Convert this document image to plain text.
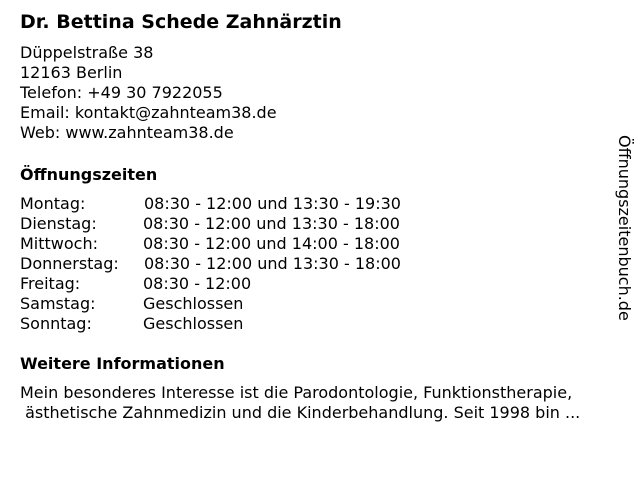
Dr. Bettina Schede Zahnärztin
Düppelstraße 38
12163 Berlin
Telefon: +49 30 7922055
Email: kontakt@zahnteam38.de
Web: www.zahnteam38.de
Öffnungszeiten
Montag:	08:30 - 12:00 und 13:30 - 19:30
Dienstag:	08:30 - 12:00 und 13:30 - 18:00
Mittwoch:	08:30 - 12:00 und 14:00 - 18:00
Donnerstag: 08:30 - 12:00 und 13:30 - 18:00
Freitag:	08:30 - 12:00
Samstag:	Geschlossen
Sonntag:	Geschlossen
Weitere Informationen
Mein besonderes Interesse ist die Parodontologie, Funktionstherapie,
ästhetische Zahnmedizin und die Kinderbehandlung. Seit 1998 bin ...
Öffnungszeitenbuch.de
